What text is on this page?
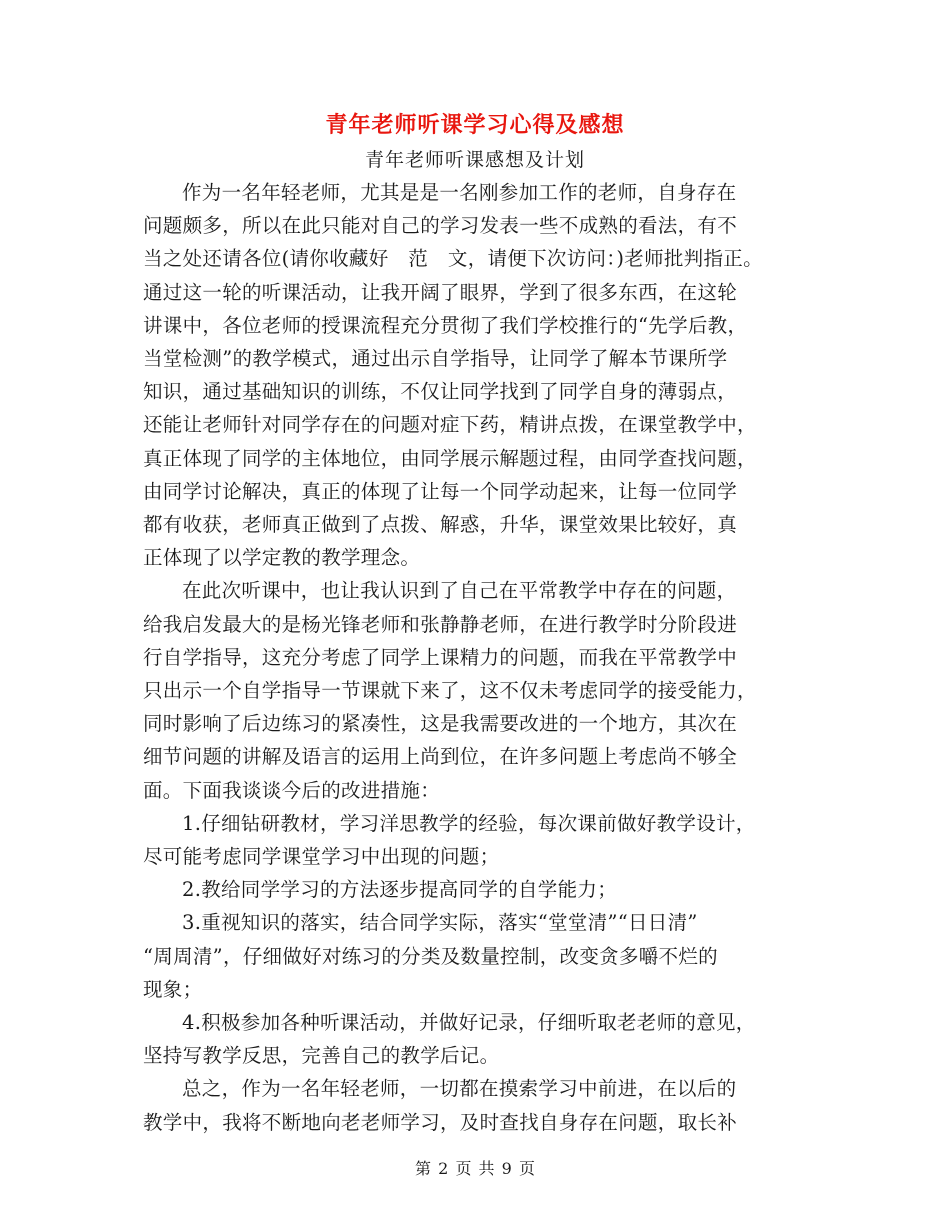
青年老师听课学习心得及感想
青年老师听课感想及计划

作为一名年轻老师，尤其是是一名刚参加工作的老师，自身存在
问题颇多，所以在此只能对自己的学习发表一些不成熟的看法，有不
当之处还请各位(请你收藏好　范　文，请便下次访问：)老师批判指正。
通过这一轮的听课活动，让我开阔了眼界，学到了很多东西，在这轮
讲课中，各位老师的授课流程充分贯彻了我们学校推行的“先学后教，
当堂检测”的教学模式，通过出示自学指导，让同学了解本节课所学
知识，通过基础知识的训练，不仅让同学找到了同学自身的薄弱点，
还能让老师针对同学存在的问题对症下药，精讲点拨，在课堂教学中，
真正体现了同学的主体地位，由同学展示解题过程，由同学查找问题，
由同学讨论解决，真正的体现了让每一个同学动起来，让每一位同学
都有收获，老师真正做到了点拨、解惑，升华，课堂效果比较好，真
正体现了以学定教的教学理念。

在此次听课中，也让我认识到了自己在平常教学中存在的问题，
给我启发最大的是杨光锋老师和张静静老师，在进行教学时分阶段进
行自学指导，这充分考虑了同学上课精力的问题，而我在平常教学中
只出示一个自学指导一节课就下来了，这不仅未考虑同学的接受能力，
同时影响了后边练习的紧凑性，这是我需要改进的一个地方，其次在
细节问题的讲解及语言的运用上尚到位，在许多问题上考虑尚不够全
面。下面我谈谈今后的改进措施：

1.仔细钻研教材，学习洋思教学的经验，每次课前做好教学设计，
尽可能考虑同学课堂学习中出现的问题；

2.教给同学学习的方法逐步提高同学的自学能力；

3.重视知识的落实，结合同学实际，落实“堂堂清”“日日清”
“周周清”，仔细做好对练习的分类及数量控制，改变贪多嚼不烂的
现象；

4.积极参加各种听课活动，并做好记录，仔细听取老老师的意见，
坚持写教学反思，完善自己的教学后记。

总之，作为一名年轻老师，一切都在摸索学习中前进，在以后的
教学中，我将不断地向老老师学习，及时查找自身存在问题，取长补

第 2 页 共 9 页
